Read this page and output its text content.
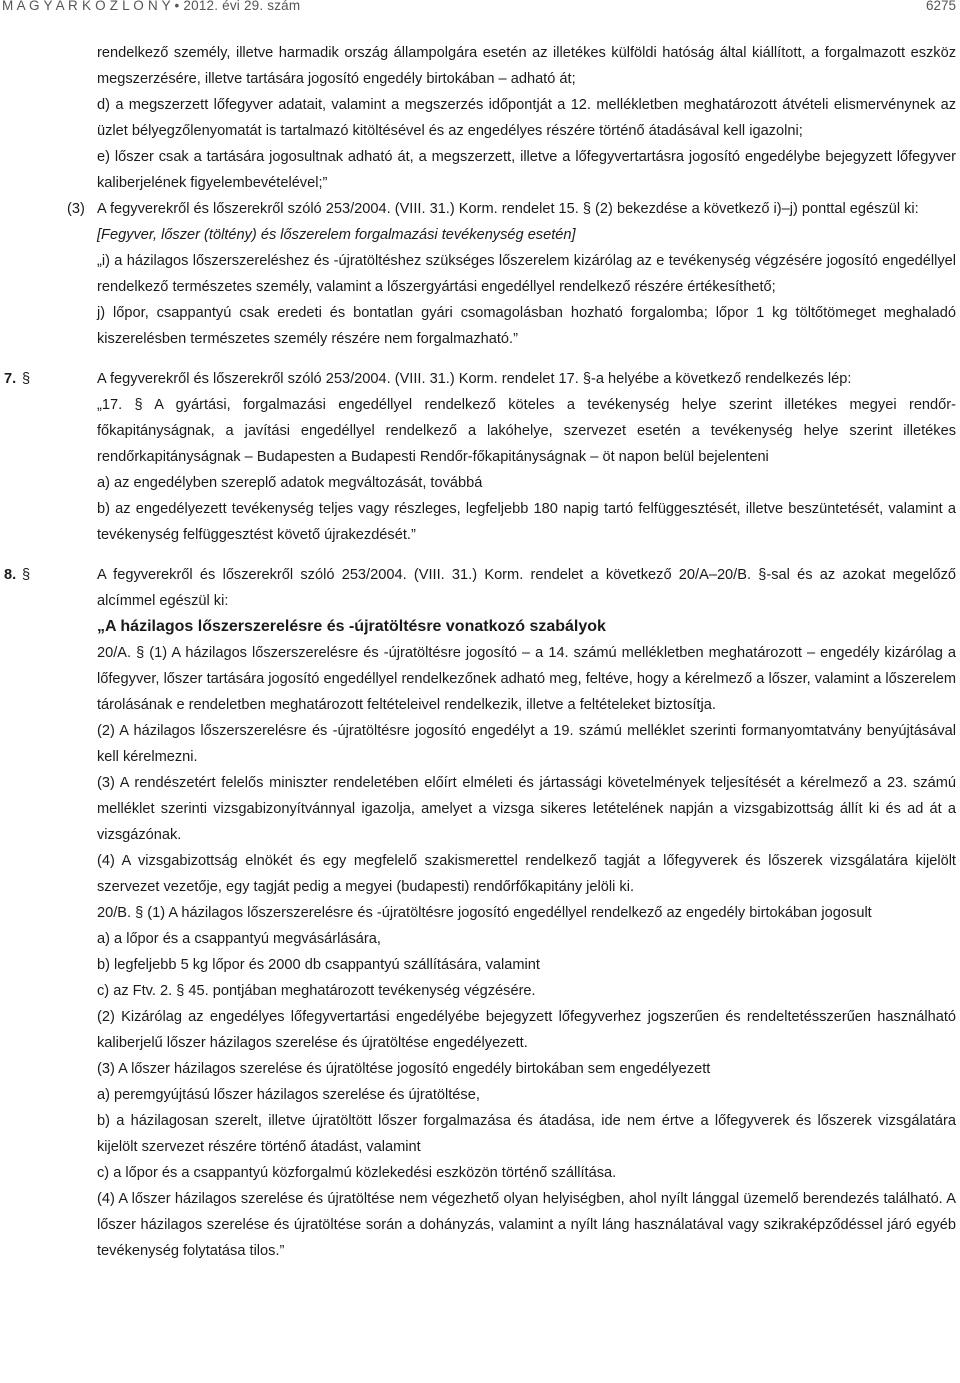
M A G Y A R K Ö Z L Ö N Y • 2012. évi 29. szám	6275

rendelkező személy, illetve harmadik ország állampolgára esetén az illetékes külföldi hatóság által kiállított, a forgalmazott eszköz megszerzésére, illetve tartására jogosító engedély birtokában – adható át;

d) a megszerzett lőfegyver adatait, valamint a megszerzés időpontját a 12. mellékletben meghatározott átvételi elismervénynek az üzlet bélyegzőlenyomatát is tartalmazó kitöltésével és az engedélyes részére történő átadásával kell igazolni;

e) lőszer csak a tartására jogosultnak adható át, a megszerzett, illetve a lőfegyvertartásra jogosító engedélybe bejegyzett lőfegyver kaliberjelének figyelembevételével;”

(3) A fegyverekről és lőszerekről szóló 253/2004. (VIII. 31.) Korm. rendelet 15. § (2) bekezdése a következő i)–j) ponttal egészül ki:

[Fegyver, lőszer (töltény) és lőszerelem forgalmazási tevékenység esetén]

„i) a házilagos lőszerszereléshez és -újratöltéshez szükséges lőszerelem kizárólag az e tevékenység végzésére jogosító engedéllyel rendelkező természetes személy, valamint a lőszergyártási engedéllyel rendelkező részére értékesíthető;

j) lőpor, csappantyú csak eredeti és bontatlan gyári csomagolásban hozható forgalomba; lőpor 1 kg töltőtömeget meghaladó kiszerelésben természetes személy részére nem forgalmazható.”

7. §	A fegyverekről és lőszerekről szóló 253/2004. (VIII. 31.) Korm. rendelet 17. §-a helyébe a következő rendelkezés lép:

„17. § A gyártási, forgalmazási engedéllyel rendelkező köteles a tevékenység helye szerint illetékes megyei rendőr-főkapitányságnak, a javítási engedéllyel rendelkező a lakóhelye, szervezet esetén a tevékenység helye szerint illetékes rendőrkapitányságnak – Budapesten a Budapesti Rendőr-főkapitányságnak – öt napon belül bejelenteni

a) az engedélyben szereplő adatok megváltozását, továbbá

b) az engedélyezett tevékenység teljes vagy részleges, legfeljebb 180 napig tartó felfüggesztését, illetve beszüntetését, valamint a tevékenység felfüggesztést követő újrakezdését.”

8. §	A fegyverekről és lőszerekről szóló 253/2004. (VIII. 31.) Korm. rendelet a következő 20/A–20/B. §-sal és az azokat megelőző alcímmel egészül ki:

„A házilagos lőszerszerelésre és -újratöltésre vonatkozó szabályok

20/A. § (1) A házilagos lőszerszerelésre és -újratöltésre jogosító – a 14. számú mellékletben meghatározott – engedély kizárólag a lőfegyver, lőszer tartására jogosító engedéllyel rendelkezőnek adható meg, feltéve, hogy a kérelmező a lőszer, valamint a lőszerelem tárolásának e rendeletben meghatározott feltételeivel rendelkezik, illetve a feltételeket biztosítja.

(2) A házilagos lőszerszerelésre és -újratöltésre jogosító engedélyt a 19. számú melléklet szerinti formanyomtatvány benyújtásával kell kérelmezni.

(3) A rendészetért felelős miniszter rendeletében előírt elméleti és jártassági követelmények teljesítését a kérelmező a 23. számú melléklet szerinti vizsgabizonyítvánnyal igazolja, amelyet a vizsga sikeres letételének napján a vizsgabizottság állít ki és ad át a vizsgázónak.

(4) A vizsgabizottság elnökét és egy megfelelő szakismerettel rendelkező tagját a lőfegyverek és lőszerek vizsgálatára kijelölt szervezet vezetője, egy tagját pedig a megyei (budapesti) rendőrfőkapitány jelöli ki.

20/B. § (1) A házilagos lőszerszerelésre és -újratöltésre jogosító engedéllyel rendelkező az engedély birtokában jogosult

a) a lőpor és a csappantyú megvásárlására,

b) legfeljebb 5 kg lőpor és 2000 db csappantyú szállítására, valamint

c) az Ftv. 2. § 45. pontjában meghatározott tevékenység végzésére.

(2) Kizárólag az engedélyes lőfegyvertartási engedélyébe bejegyzett lőfegyverhez jogszerűen és rendeltetésszerűen használható kaliberjelű lőszer házilagos szerelése és újratöltése engedélyezett.

(3) A lőszer házilagos szerelése és újratöltése jogosító engedély birtokában sem engedélyezett

a) peremgyújtású lőszer házilagos szerelése és újratöltése,

b) a házilagosan szerelt, illetve újratöltött lőszer forgalmazása és átadása, ide nem értve a lőfegyverek és lőszerek vizsgálatára kijelölt szervezet részére történő átadást, valamint

c) a lőpor és a csappantyú közforgalmú közlekedési eszközön történő szállítása.

(4) A lőszer házilagos szerelése és újratöltése nem végezhető olyan helyiségben, ahol nyílt lánggal üzemelő berendezés található. A lőszer házilagos szerelése és újratöltése során a dohányzás, valamint a nyílt láng használatával vagy szikraképződéssel járó egyéb tevékenység folytatása tilos.”
